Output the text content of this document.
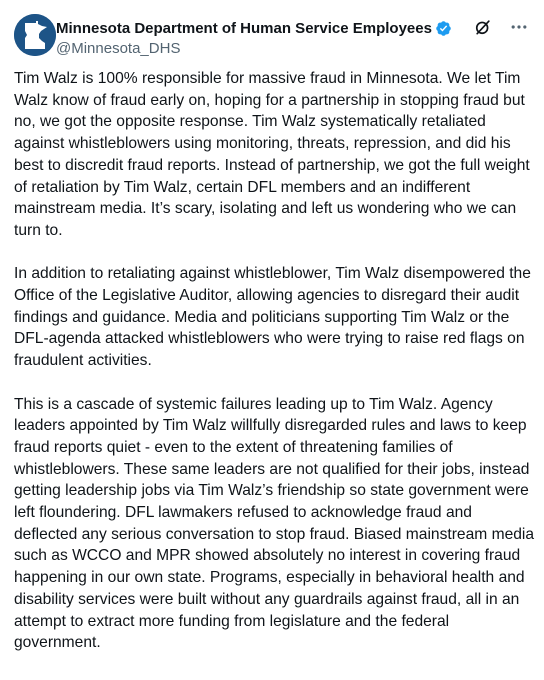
Minnesota Department of Human Service Employees
@Minnesota_DHS

Tim Walz is 100% responsible for massive fraud in Minnesota. We let Tim Walz know of fraud early on, hoping for a partnership in stopping fraud but no, we got the opposite response. Tim Walz systematically retaliated against whistleblowers using monitoring, threats, repression, and did his best to discredit fraud reports. Instead of partnership, we got the full weight of retaliation by Tim Walz, certain DFL members and an indifferent mainstream media. It’s scary, isolating and left us wondering who we can turn to.

In addition to retaliating against whistleblower, Tim Walz disempowered the Office of the Legislative Auditor, allowing agencies to disregard their audit findings and guidance. Media and politicians supporting Tim Walz or the DFL-agenda attacked whistleblowers who were trying to raise red flags on fraudulent activities.

This is a cascade of systemic failures leading up to Tim Walz. Agency leaders appointed by Tim Walz willfully disregarded rules and laws to keep fraud reports quiet - even to the extent of threatening families of whistleblowers. These same leaders are not qualified for their jobs, instead getting leadership jobs via Tim Walz’s friendship so state government were left floundering. DFL lawmakers refused to acknowledge fraud and deflected any serious conversation to stop fraud. Biased mainstream media such as WCCO and MPR showed absolutely no interest in covering fraud happening in our own state. Programs, especially in behavioral health and disability services were built without any guardrails against fraud, all in an attempt to extract more funding from legislature and the federal government.
